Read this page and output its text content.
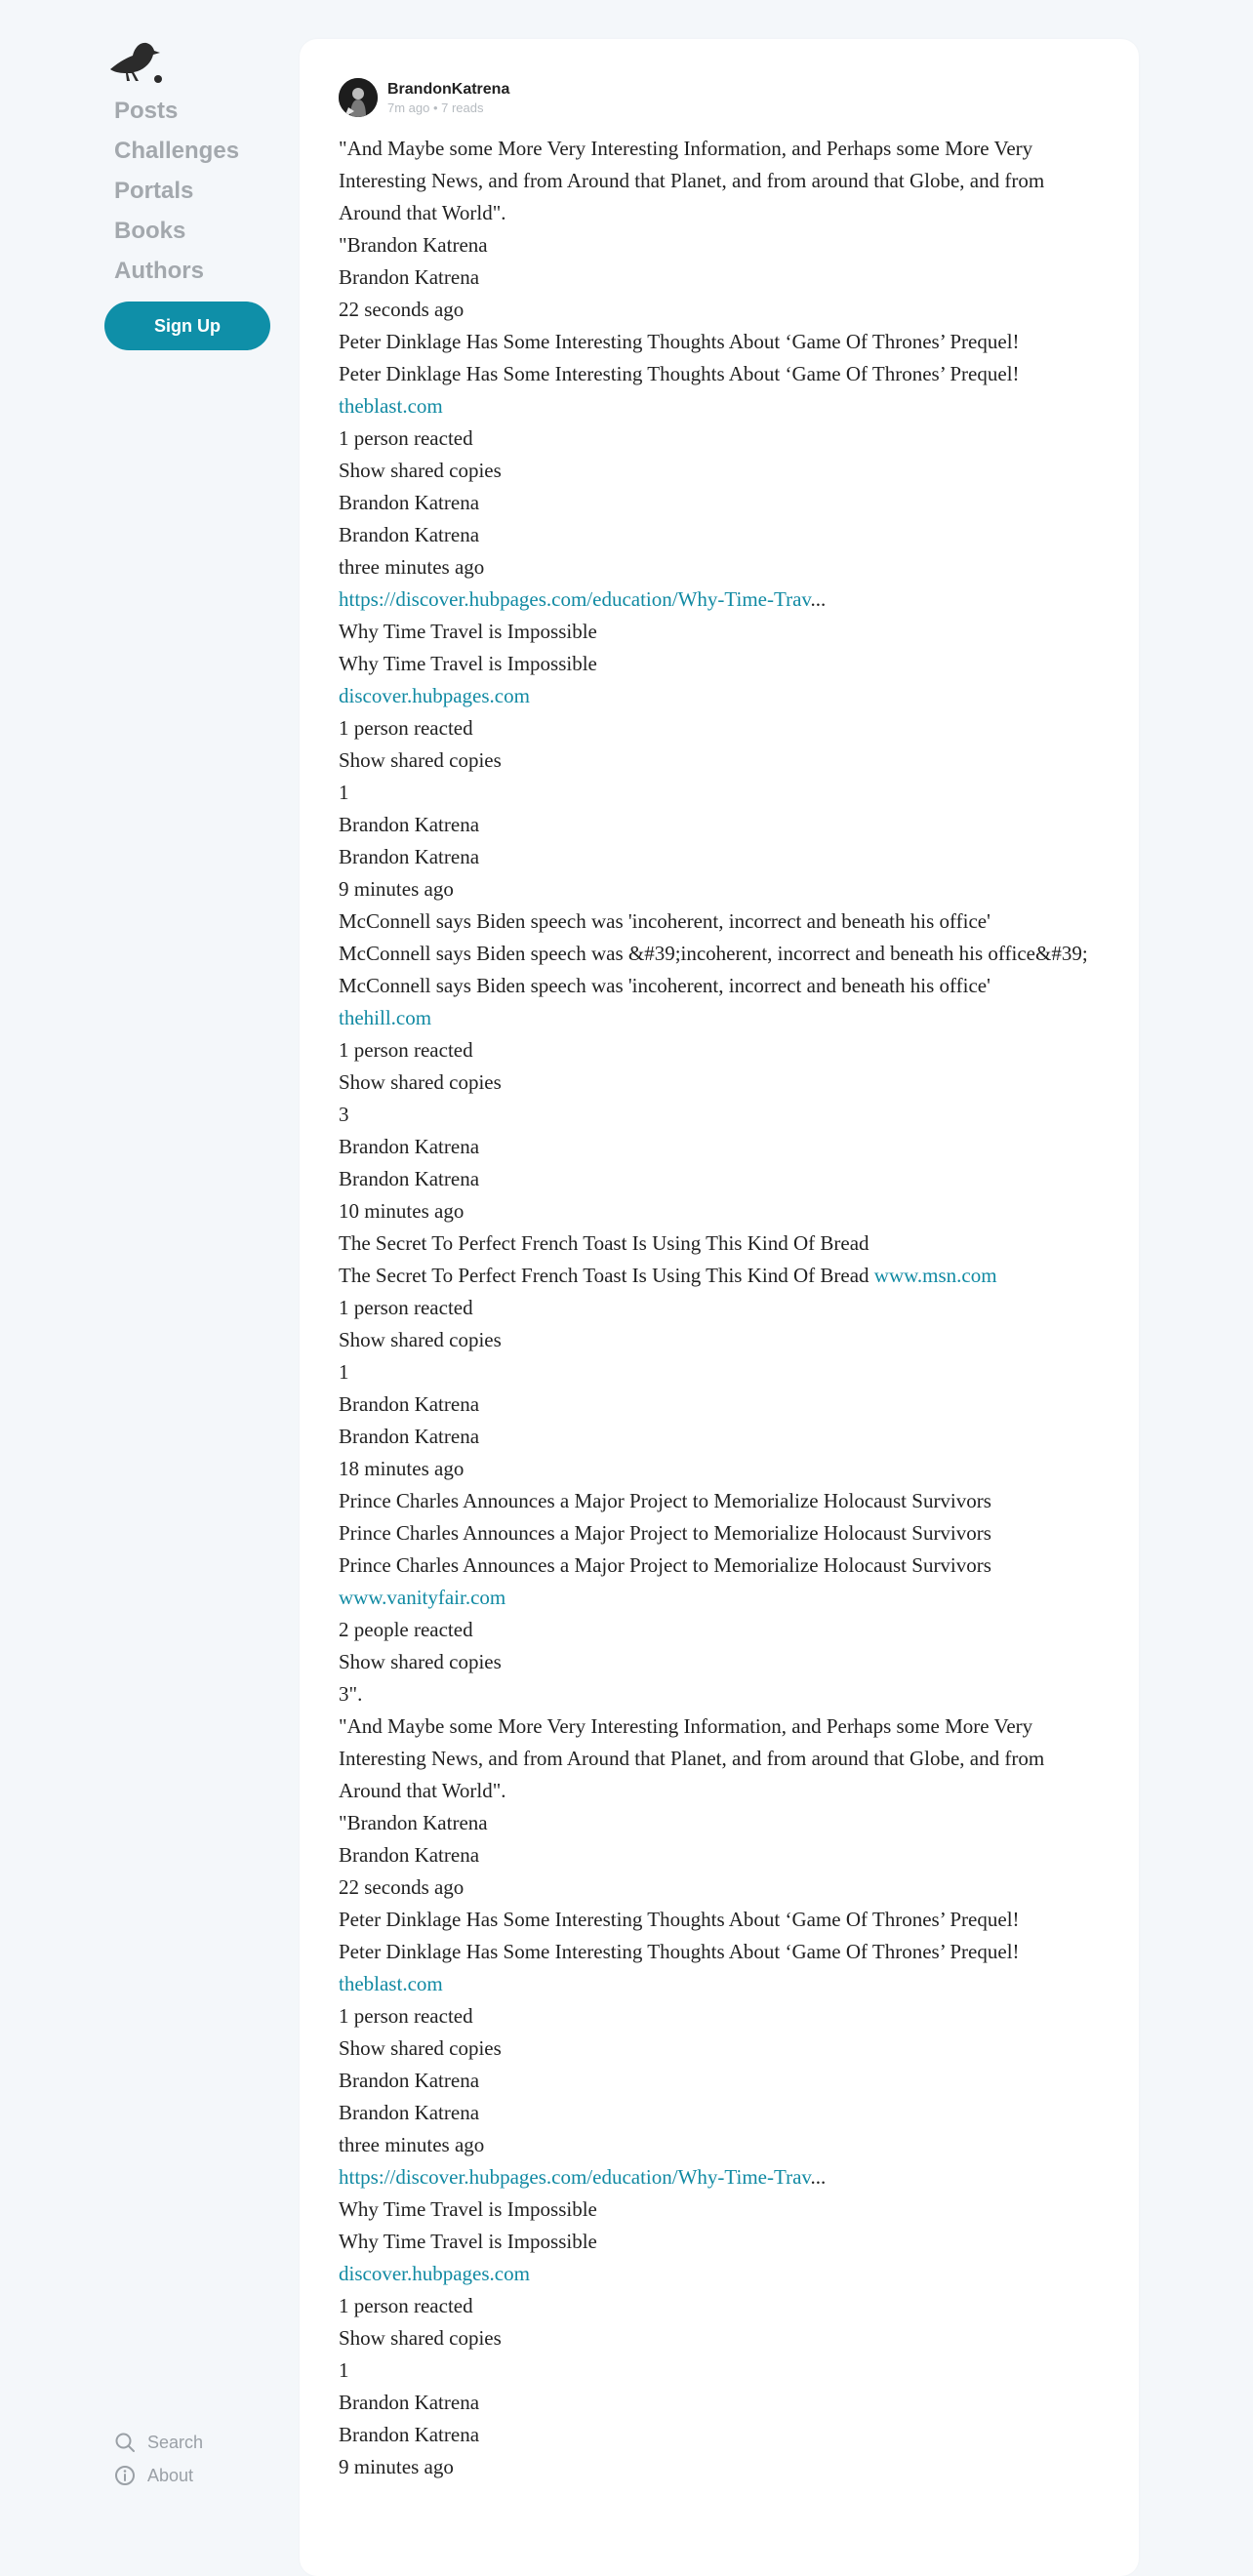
Posts
Challenges
Portals
Books
Authors
Sign Up
Search
About
BrandonKatrena
7m ago • 7 reads
"And Maybe some More Very Interesting Information, and Perhaps some More Very Interesting News, and from Around that Planet, and from around that Globe, and from Around that World".
"Brandon Katrena
Brandon Katrena
22 seconds ago
Peter Dinklage Has Some Interesting Thoughts About ‘Game Of Thrones’ Prequel!
Peter Dinklage Has Some Interesting Thoughts About ‘Game Of Thrones’ Prequel!
theblast.com
1 person reacted
Show shared copies
Brandon Katrena
Brandon Katrena
three minutes ago
https://discover.hubpages.com/education/Why-Time-Trav...
Why Time Travel is Impossible
Why Time Travel is Impossible
discover.hubpages.com
1 person reacted
Show shared copies
1
Brandon Katrena
Brandon Katrena
9 minutes ago
McConnell says Biden speech was 'incoherent, incorrect and beneath his office'
McConnell says Biden speech was &#39;incoherent, incorrect and beneath his office&#39;
McConnell says Biden speech was 'incoherent, incorrect and beneath his office'
thehill.com
1 person reacted
Show shared copies
3
Brandon Katrena
Brandon Katrena
10 minutes ago
The Secret To Perfect French Toast Is Using This Kind Of Bread
The Secret To Perfect French Toast Is Using This Kind Of Bread www.msn.com
1 person reacted
Show shared copies
1
Brandon Katrena
Brandon Katrena
18 minutes ago
Prince Charles Announces a Major Project to Memorialize Holocaust Survivors
Prince Charles Announces a Major Project to Memorialize Holocaust Survivors
Prince Charles Announces a Major Project to Memorialize Holocaust Survivors
www.vanityfair.com
2 people reacted
Show shared copies
3".
"And Maybe some More Very Interesting Information, and Perhaps some More Very Interesting News, and from Around that Planet, and from around that Globe, and from Around that World".
"Brandon Katrena
Brandon Katrena
22 seconds ago
Peter Dinklage Has Some Interesting Thoughts About ‘Game Of Thrones’ Prequel!
Peter Dinklage Has Some Interesting Thoughts About ‘Game Of Thrones’ Prequel!
theblast.com
1 person reacted
Show shared copies
Brandon Katrena
Brandon Katrena
three minutes ago
https://discover.hubpages.com/education/Why-Time-Trav...
Why Time Travel is Impossible
Why Time Travel is Impossible
discover.hubpages.com
1 person reacted
Show shared copies
1
Brandon Katrena
Brandon Katrena
9 minutes ago
